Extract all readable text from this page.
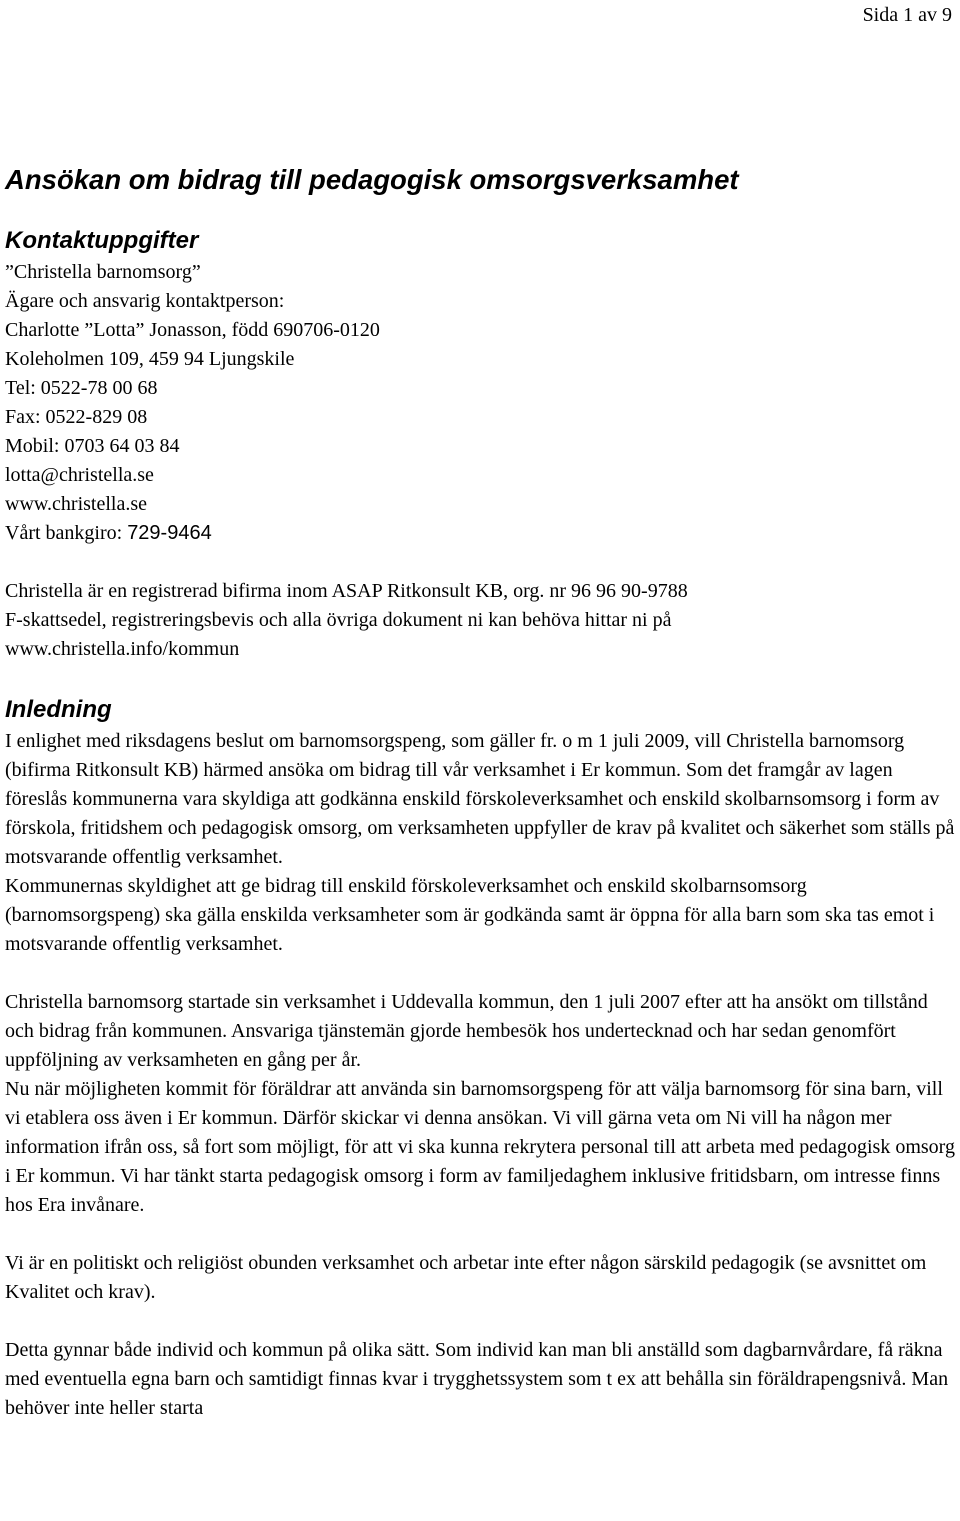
Sida 1 av 9
Ansökan om bidrag till pedagogisk omsorgsverksamhet
Kontaktuppgifter
”Christella barnomsorg”
Ägare och ansvarig kontaktperson:
Charlotte ”Lotta” Jonasson, född 690706-0120
Koleholmen 109, 459 94 Ljungskile
Tel: 0522-78 00 68
Fax: 0522-829 08
Mobil: 0703 64 03 84
lotta@christella.se
www.christella.se
Vårt bankgiro: 729-9464
Christella är en registrerad bifirma inom ASAP Ritkonsult KB, org. nr 96 96 90-9788
F-skattsedel, registreringsbevis och alla övriga dokument ni kan behöva hittar ni på
www.christella.info/kommun
Inledning

I enlighet med riksdagens beslut om barnomsorgspeng, som gäller fr. o m 1 juli 2009, vill Christella barnomsorg (bifirma Ritkonsult KB) härmed ansöka om bidrag till vår verksamhet i Er kommun. Som det framgår av lagen föreslås kommunerna vara skyldiga att godkänna enskild förskoleverksamhet och enskild skolbarnsomsorg i form av förskola, fritidshem och pedagogisk omsorg, om verksamheten uppfyller de krav på kvalitet och säkerhet som ställs på motsvarande offentlig verksamhet.

Kommunernas skyldighet att ge bidrag till enskild förskoleverksamhet och enskild skolbarnsomsorg (barnomsorgspeng) ska gälla enskilda verksamheter som är godkända samt är öppna för alla barn som ska tas emot i motsvarande offentlig verksamhet.

Christella barnomsorg startade sin verksamhet i Uddevalla kommun, den 1 juli 2007 efter att ha ansökt om tillstånd och bidrag från kommunen. Ansvariga tjänstemän gjorde hembesök hos undertecknad och har sedan genomfört uppföljning av verksamheten en gång per år.

Nu när möjligheten kommit för föräldrar att använda sin barnomsorgspeng för att välja barnomsorg för sina barn, vill vi etablera oss även i Er kommun. Därför skickar vi denna ansökan. Vi vill gärna veta om Ni vill ha någon mer information ifrån oss, så fort som möjligt, för att vi ska kunna rekrytera personal till att arbeta med pedagogisk omsorg i Er kommun. Vi har tänkt starta pedagogisk omsorg i form av familjedaghem inklusive fritidsbarn, om intresse finns hos Era invånare.

Vi är en politiskt och religiöst obunden verksamhet och arbetar inte efter någon särskild pedagogik (se avsnittet om Kvalitet och krav).

Detta gynnar både individ och kommun på olika sätt. Som individ kan man bli anställd som dagbarnvårdare, få räkna med eventuella egna barn och samtidigt finnas kvar i trygghetssystem som t ex att behålla sin föräldrapengsnivå. Man behöver inte heller starta
